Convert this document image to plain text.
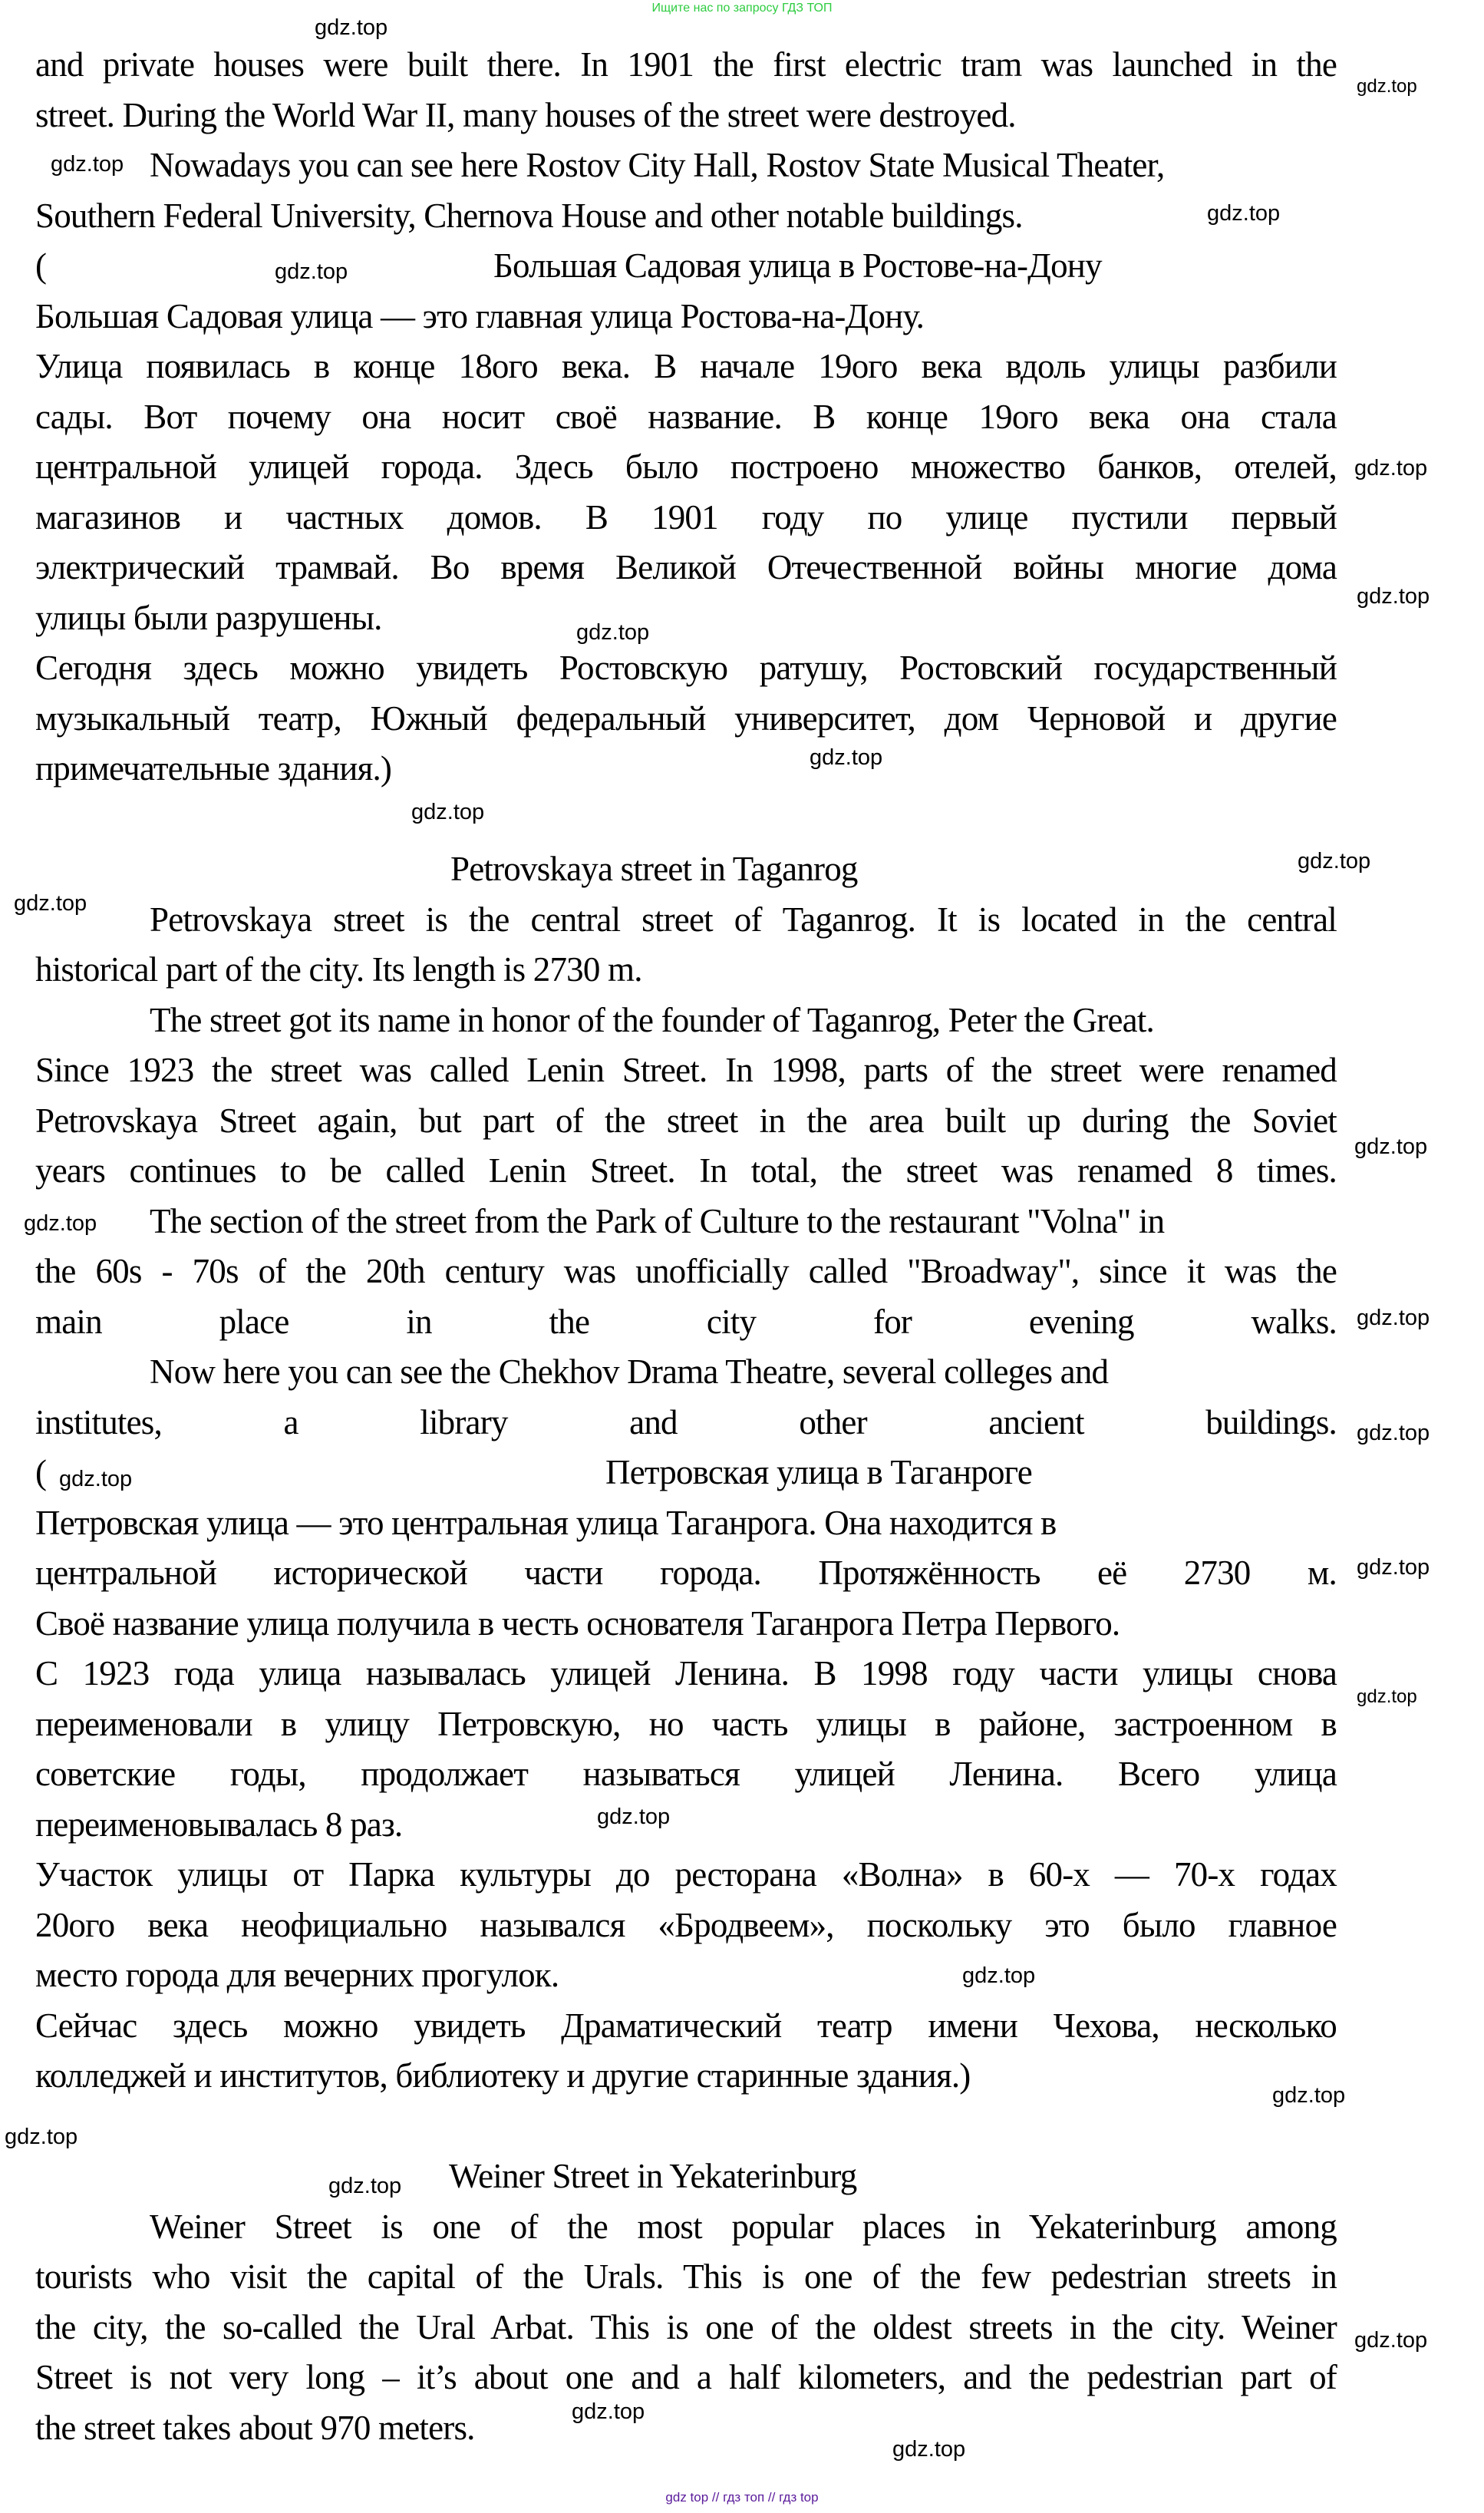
Ищите нас по запросу ГДЗ ТОП
and private houses were built there. In 1901 the first electric tram was launched in the
street. During the World War II, many houses of the street were destroyed.
Nowadays you can see here Rostov City Hall, Rostov State Musical Theater,
Southern Federal University, Chernova House and other notable buildings.
(	Большая Садовая улица в Ростове-на-Дону
Большая Садовая улица — это главная улица Ростова-на-Дону.
Улица появилась в конце 18ого века. В начале 19ого века вдоль улицы разбили
сады. Вот почему она носит своё название. В конце 19ого века она стала
центральной улицей города. Здесь было построено множество банков, отелей,
магазинов и частных домов. В 1901 году по улице пустили первый
электрический трамвай. Во время Великой Отечественной войны многие дома
улицы были разрушены.
Сегодня здесь можно увидеть Ростовскую ратушу, Ростовский государственный
музыкальный театр, Южный федеральный университет, дом Черновой и другие
примечательные здания.)
Petrovskaya street in Taganrog
Petrovskaya street is the central street of Taganrog. It is located in the central
historical part of the city. Its length is 2730 m.
The street got its name in honor of the founder of Taganrog, Peter the Great.
Since 1923 the street was called Lenin Street. In 1998, parts of the street were renamed
Petrovskaya Street again, but part of the street in the area built up during the Soviet
years continues to be called Lenin Street. In total, the street was renamed 8 times.
The section of the street from the Park of Culture to the restaurant "Volna" in
the 60s - 70s of the 20th century was unofficially called "Broadway", since it was the
main place in the city for evening walks.
Now here you can see the Chekhov Drama Theatre, several colleges and
institutes, a library and other ancient buildings.
(	Петровская улица в Таганроге
Петровская улица — это центральная улица Таганрога. Она находится в
центральной исторической части города. Протяжённость её 2730 м.
Своё название улица получила в честь основателя Таганрога Петра Первого.
С 1923 года улица называлась улицей Ленина. В 1998 году части улицы снова
переименовали в улицу Петровскую, но часть улицы в районе, застроенном в
советские годы, продолжает называться улицей Ленина. Всего улица
переименовывалась 8 раз.
Участок улицы от Парка культуры до ресторана «Волна» в 60-х — 70-х годах
20ого века неофициально назывался «Бродвеем», поскольку это было главное
место города для вечерних прогулок.
Сейчас здесь можно увидеть Драматический театр имени Чехова, несколько
колледжей и институтов, библиотеку и другие старинные здания.)
Weiner Street in Yekaterinburg
Weiner Street is one of the most popular places in Yekaterinburg among
tourists who visit the capital of the Urals. This is one of the few pedestrian streets in
the city, the so-called the Ural Arbat. This is one of the oldest streets in the city. Weiner
Street is not very long – it’s about one and a half kilometers, and the pedestrian part of
the street takes about 970 meters.
gdz.top
gdz.top
gdz.top
gdz.top
gdz.top
gdz.top
gdz.top
gdz.top
gdz.top
gdz.top
gdz.top
gdz.top
gdz.top
gdz.top
gdz.top
gdz.top
gdz.top
gdz.top
gdz.top
gdz.top
gdz.top
gdz.top
gdz.top
gdz.top
gdz.top
gdz.top
gdz.top
gdz top // гдз топ // гдз top
